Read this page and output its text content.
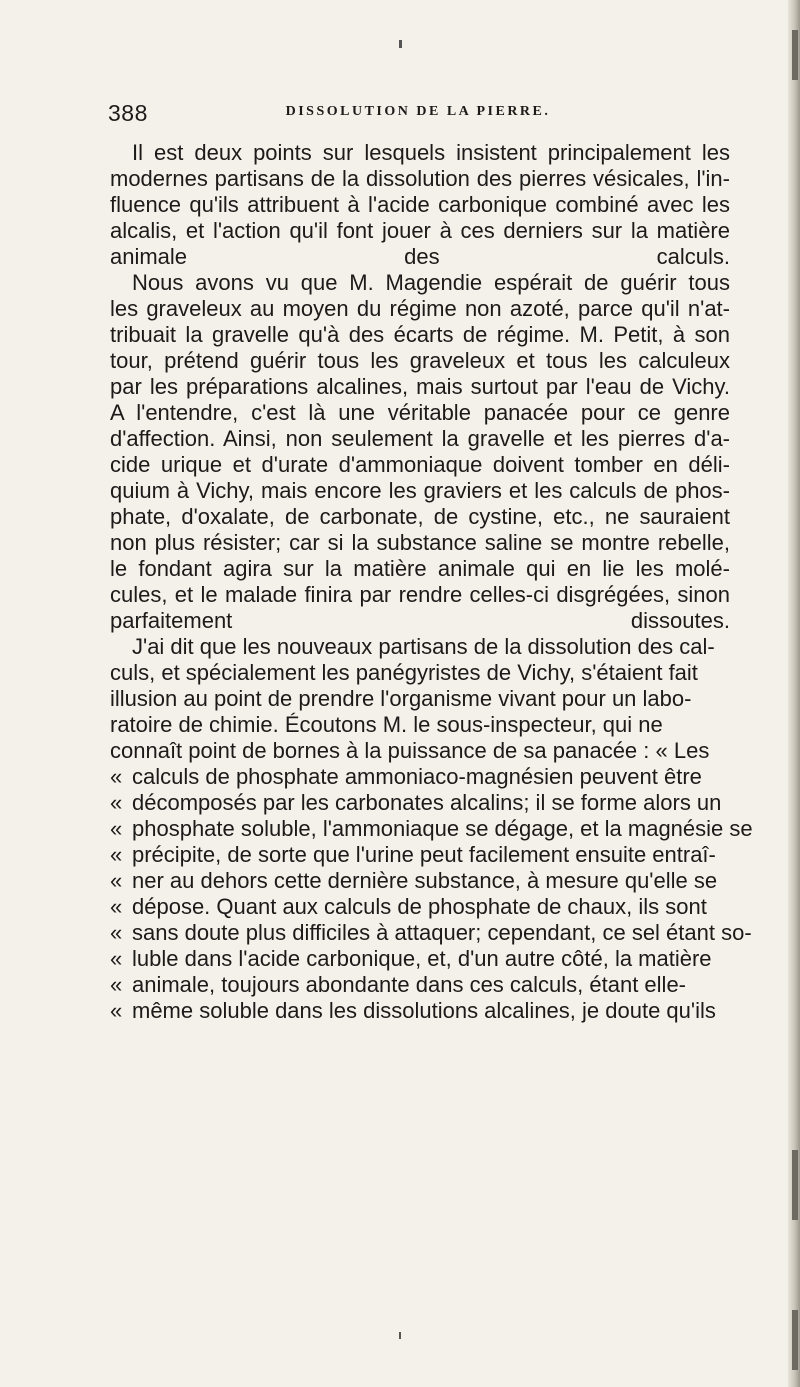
388	DISSOLUTION DE LA PIERRE.

Il est deux points sur lesquels insistent principalement les
modernes partisans de la dissolution des pierres vésicales, l'in-
fluence qu'ils attribuent à l'acide carbonique combiné avec les
alcalis, et l'action qu'il font jouer à ces derniers sur la matière
animale des calculs.

Nous avons vu que M. Magendie espérait de guérir tous
les graveleux au moyen du régime non azoté, parce qu'il n'at-
tribuait la gravelle qu'à des écarts de régime. M. Petit, à son
tour, prétend guérir tous les graveleux et tous les calculeux
par les préparations alcalines, mais surtout par l'eau de Vichy.
A l'entendre, c'est là une véritable panacée pour ce genre
d'affection. Ainsi, non seulement la gravelle et les pierres d'a-
cide urique et d'urate d'ammoniaque doivent tomber en déli-
quium à Vichy, mais encore les graviers et les calculs de phos-
phate, d'oxalate, de carbonate, de cystine, etc., ne sauraient
non plus résister; car si la substance saline se montre rebelle,
le fondant agira sur la matière animale qui en lie les molé-
cules, et le malade finira par rendre celles-ci disgrégées, sinon
parfaitement dissoutes.

J'ai dit que les nouveaux partisans de la dissolution des cal-
culs, et spécialement les panégyristes de Vichy, s'étaient fait
illusion au point de prendre l'organisme vivant pour un labo-
ratoire de chimie. Écoutons M. le sous-inspecteur, qui ne
connaît point de bornes à la puissance de sa panacée : « Les
« calculs de phosphate ammoniaco-magnésien peuvent être
« décomposés par les carbonates alcalins; il se forme alors un
« phosphate soluble, l'ammoniaque se dégage, et la magnésie se
« précipite, de sorte que l'urine peut facilement ensuite entraî-
« ner au dehors cette dernière substance, à mesure qu'elle se
« dépose. Quant aux calculs de phosphate de chaux, ils sont
« sans doute plus difficiles à attaquer; cependant, ce sel étant so-
« luble dans l'acide carbonique, et, d'un autre côté, la matière
« animale, toujours abondante dans ces calculs, étant elle-
« même soluble dans les dissolutions alcalines, je doute qu'ils
